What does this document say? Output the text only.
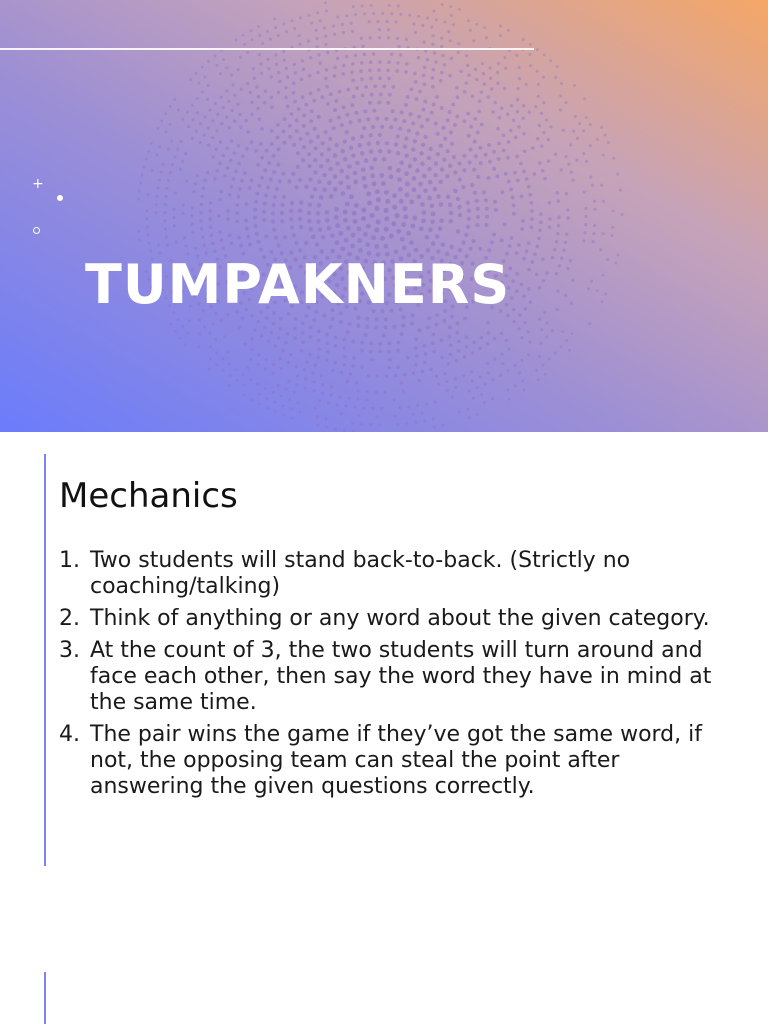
+
TUMPAKNERS
Mechanics
1. Two students will stand back-to-back. (Strictly no coaching/talking)
2. Think of anything or any word about the given category.
3. At the count of 3, the two students will turn around and face each other, then say the word they have in mind at the same time.
4. The pair wins the game if they’ve got the same word, if not, the opposing team can steal the point after answering the given questions correctly.
